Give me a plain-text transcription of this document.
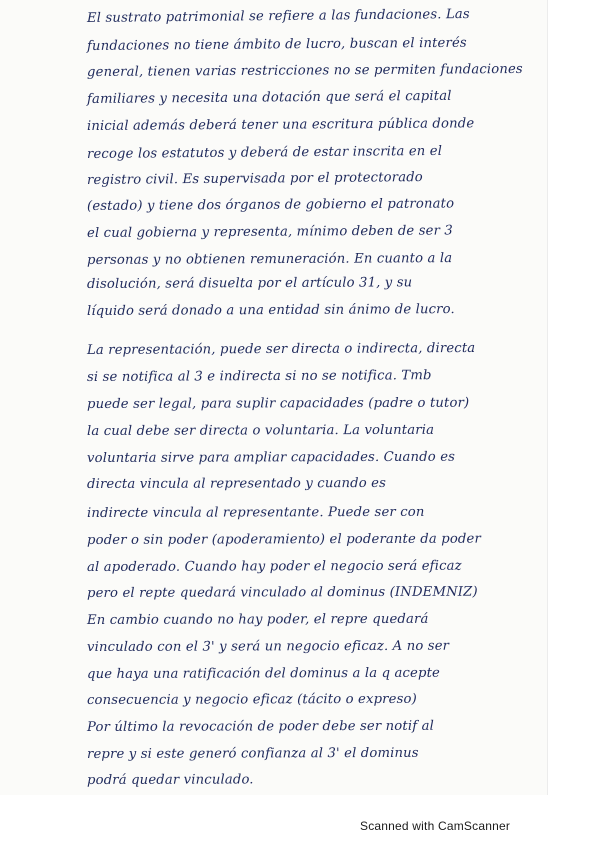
El sustrato patrimonial se refiere a las fundaciones. Las
fundaciones no tiene ámbito de lucro, buscan el interés
general, tienen varias restricciones no se permiten fundaciones
familiares y necesita una dotación que será el capital
inicial además deberá tener una escritura pública donde
recoge los estatutos y deberá de estar inscrita en el
registro civil. Es supervisada por el protectorado
(estado) y tiene dos órganos de gobierno el patronato
el cual gobierna y representa, mínimo deben de ser 3
personas y no obtienen remuneración. En cuanto a la
disolución, será disuelta por el artículo 31, y su
líquido será donado a una entidad sin ánimo de lucro.
La representación, puede ser directa o indirecta, directa
si se notifica al 3 e indirecta si no se notifica. Tmb
puede ser legal, para suplir capacidades (padre o tutor)
la cual debe ser directa o voluntaria. La voluntaria
voluntaria sirve para ampliar capacidades. Cuando es
directa vincula al representado y cuando es
indirecte vincula al representante. Puede ser con
poder o sin poder (apoderamiento) el poderante da poder
al apoderado. Cuando hay poder el negocio será eficaz
pero el repte quedará vinculado al dominus (INDEMNIZ)
En cambio cuando no hay poder, el repre quedará
vinculado con el 3' y será un negocio eficaz. A no ser
que haya una ratificación del dominus a la q acepte
consecuencia y negocio eficaz (tácito o expreso)
Por último la revocación de poder debe ser notif al
repre y si este generó confianza al 3' el dominus
podrá quedar vinculado.
Scanned with CamScanner
